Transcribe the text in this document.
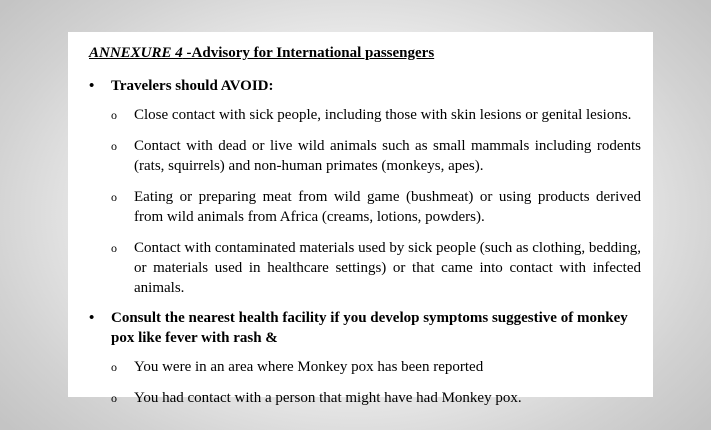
ANNEXURE 4 -Advisory for International passengers
• Travelers should AVOID:
o Close contact with sick people, including those with skin lesions or genital lesions.
o Contact with dead or live wild animals such as small mammals including rodents (rats, squirrels) and non-human primates (monkeys, apes).
o Eating or preparing meat from wild game (bushmeat) or using products derived from wild animals from Africa (creams, lotions, powders).
o Contact with contaminated materials used by sick people (such as clothing, bedding, or materials used in healthcare settings) or that came into contact with infected animals.
• Consult the nearest health facility if you develop symptoms suggestive of monkey pox like fever with rash &
o You were in an area where Monkey pox has been reported
o You had contact with a person that might have had Monkey pox.
